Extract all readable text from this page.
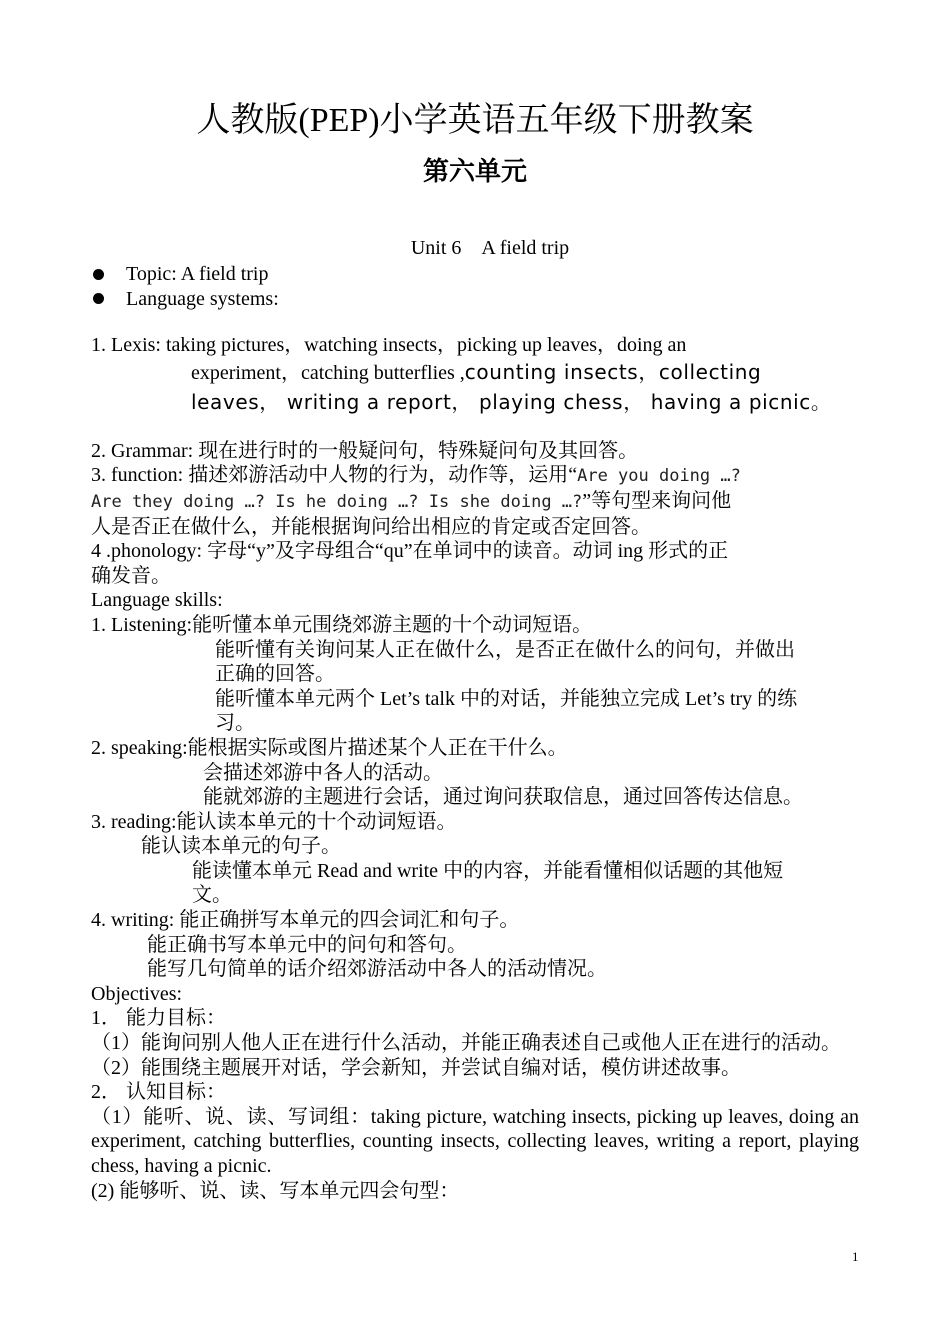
人教版(PEP)小学英语五年级下册教案
第六单元
Unit 6　A field trip
Topic: A field trip
Language systems:
1. Lexis: taking pictures，watching insects，picking up leaves，doing an
experiment，catching butterflies ,counting insects，collecting
leaves， writing a report， playing chess， having a picnic。
2. Grammar: 现在进行时的一般疑问句，特殊疑问句及其回答。
3. function: 描述郊游活动中人物的行为，动作等，运用“Are you doing …?
Are they doing …? Is he doing …? Is she doing …?”等句型来询问他
人是否正在做什么，并能根据询问给出相应的肯定或否定回答。
4 .phonology: 字母“y”及字母组合“qu”在单词中的读音。动词 ing 形式的正
确发音。
Language skills:
1. Listening:能听懂本单元围绕郊游主题的十个动词短语。
能听懂有关询问某人正在做什么，是否正在做什么的问句，并做出
正确的回答。
能听懂本单元两个 Let’s talk 中的对话，并能独立完成 Let’s try 的练
习。
2. speaking:能根据实际或图片描述某个人正在干什么。
会描述郊游中各人的活动。
能就郊游的主题进行会话，通过询问获取信息，通过回答传达信息。
3. reading:能认读本单元的十个动词短语。
能认读本单元的句子。
能读懂本单元 Read and write 中的内容，并能看懂相似话题的其他短
文。
4. writing: 能正确拼写本单元的四会词汇和句子。
能正确书写本单元中的问句和答句。
能写几句简单的话介绍郊游活动中各人的活动情况。
Objectives:
1． 能力目标：
（1）能询问别人他人正在进行什么活动，并能正确表述自己或他人正在进行的活动。
（2）能围绕主题展开对话，学会新知，并尝试自编对话，模仿讲述故事。
2． 认知目标：
（1）能听、说、读、写词组：taking picture, watching insects, picking up leaves, doing an experiment, catching butterflies, counting insects, collecting leaves, writing a report, playing chess, having a picnic.
(2) 能够听、说、读、写本单元四会句型：
1
